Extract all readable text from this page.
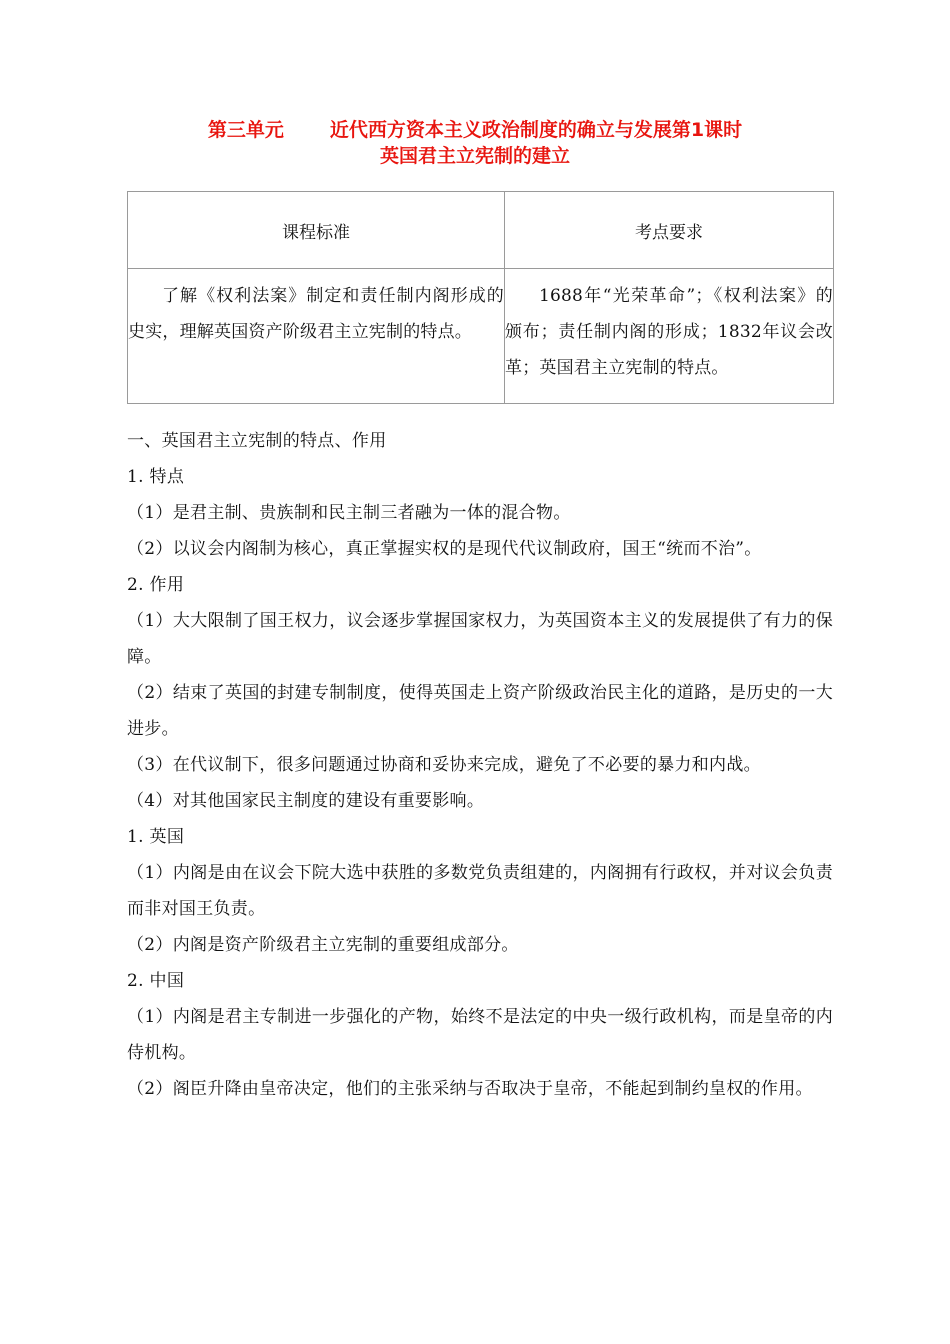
第三单元 近代西方资本主义政治制度的确立与发展第1课时
英国君主立宪制的建立
课程标准	考点要求

了解《权利法案》制定和责任制内阁形成的史实，理解英国资产阶级君主立宪制的特点。	1688年“光荣革命”；《权利法案》的颁布；责任制内阁的形成；1832年议会改革；英国君主立宪制的特点。

一、英国君主立宪制的特点、作用

1. 特点

（1）是君主制、贵族制和民主制三者融为一体的混合物。

（2）以议会内阁制为核心，真正掌握实权的是现代代议制政府，国王“统而不治”。

2. 作用

（1）大大限制了国王权力，议会逐步掌握国家权力，为英国资本主义的发展提供了有力的保障。

（2）结束了英国的封建专制制度，使得英国走上资产阶级政治民主化的道路，是历史的一大进步。

（3）在代议制下，很多问题通过协商和妥协来完成，避免了不必要的暴力和内战。

（4）对其他国家民主制度的建设有重要影响。

1. 英国

（1）内阁是由在议会下院大选中获胜的多数党负责组建的，内阁拥有行政权，并对议会负责而非对国王负责。

（2）内阁是资产阶级君主立宪制的重要组成部分。

2. 中国

（1）内阁是君主专制进一步强化的产物，始终不是法定的中央一级行政机构，而是皇帝的内侍机构。

（2）阁臣升降由皇帝决定，他们的主张采纳与否取决于皇帝，不能起到制约皇权的作用。
